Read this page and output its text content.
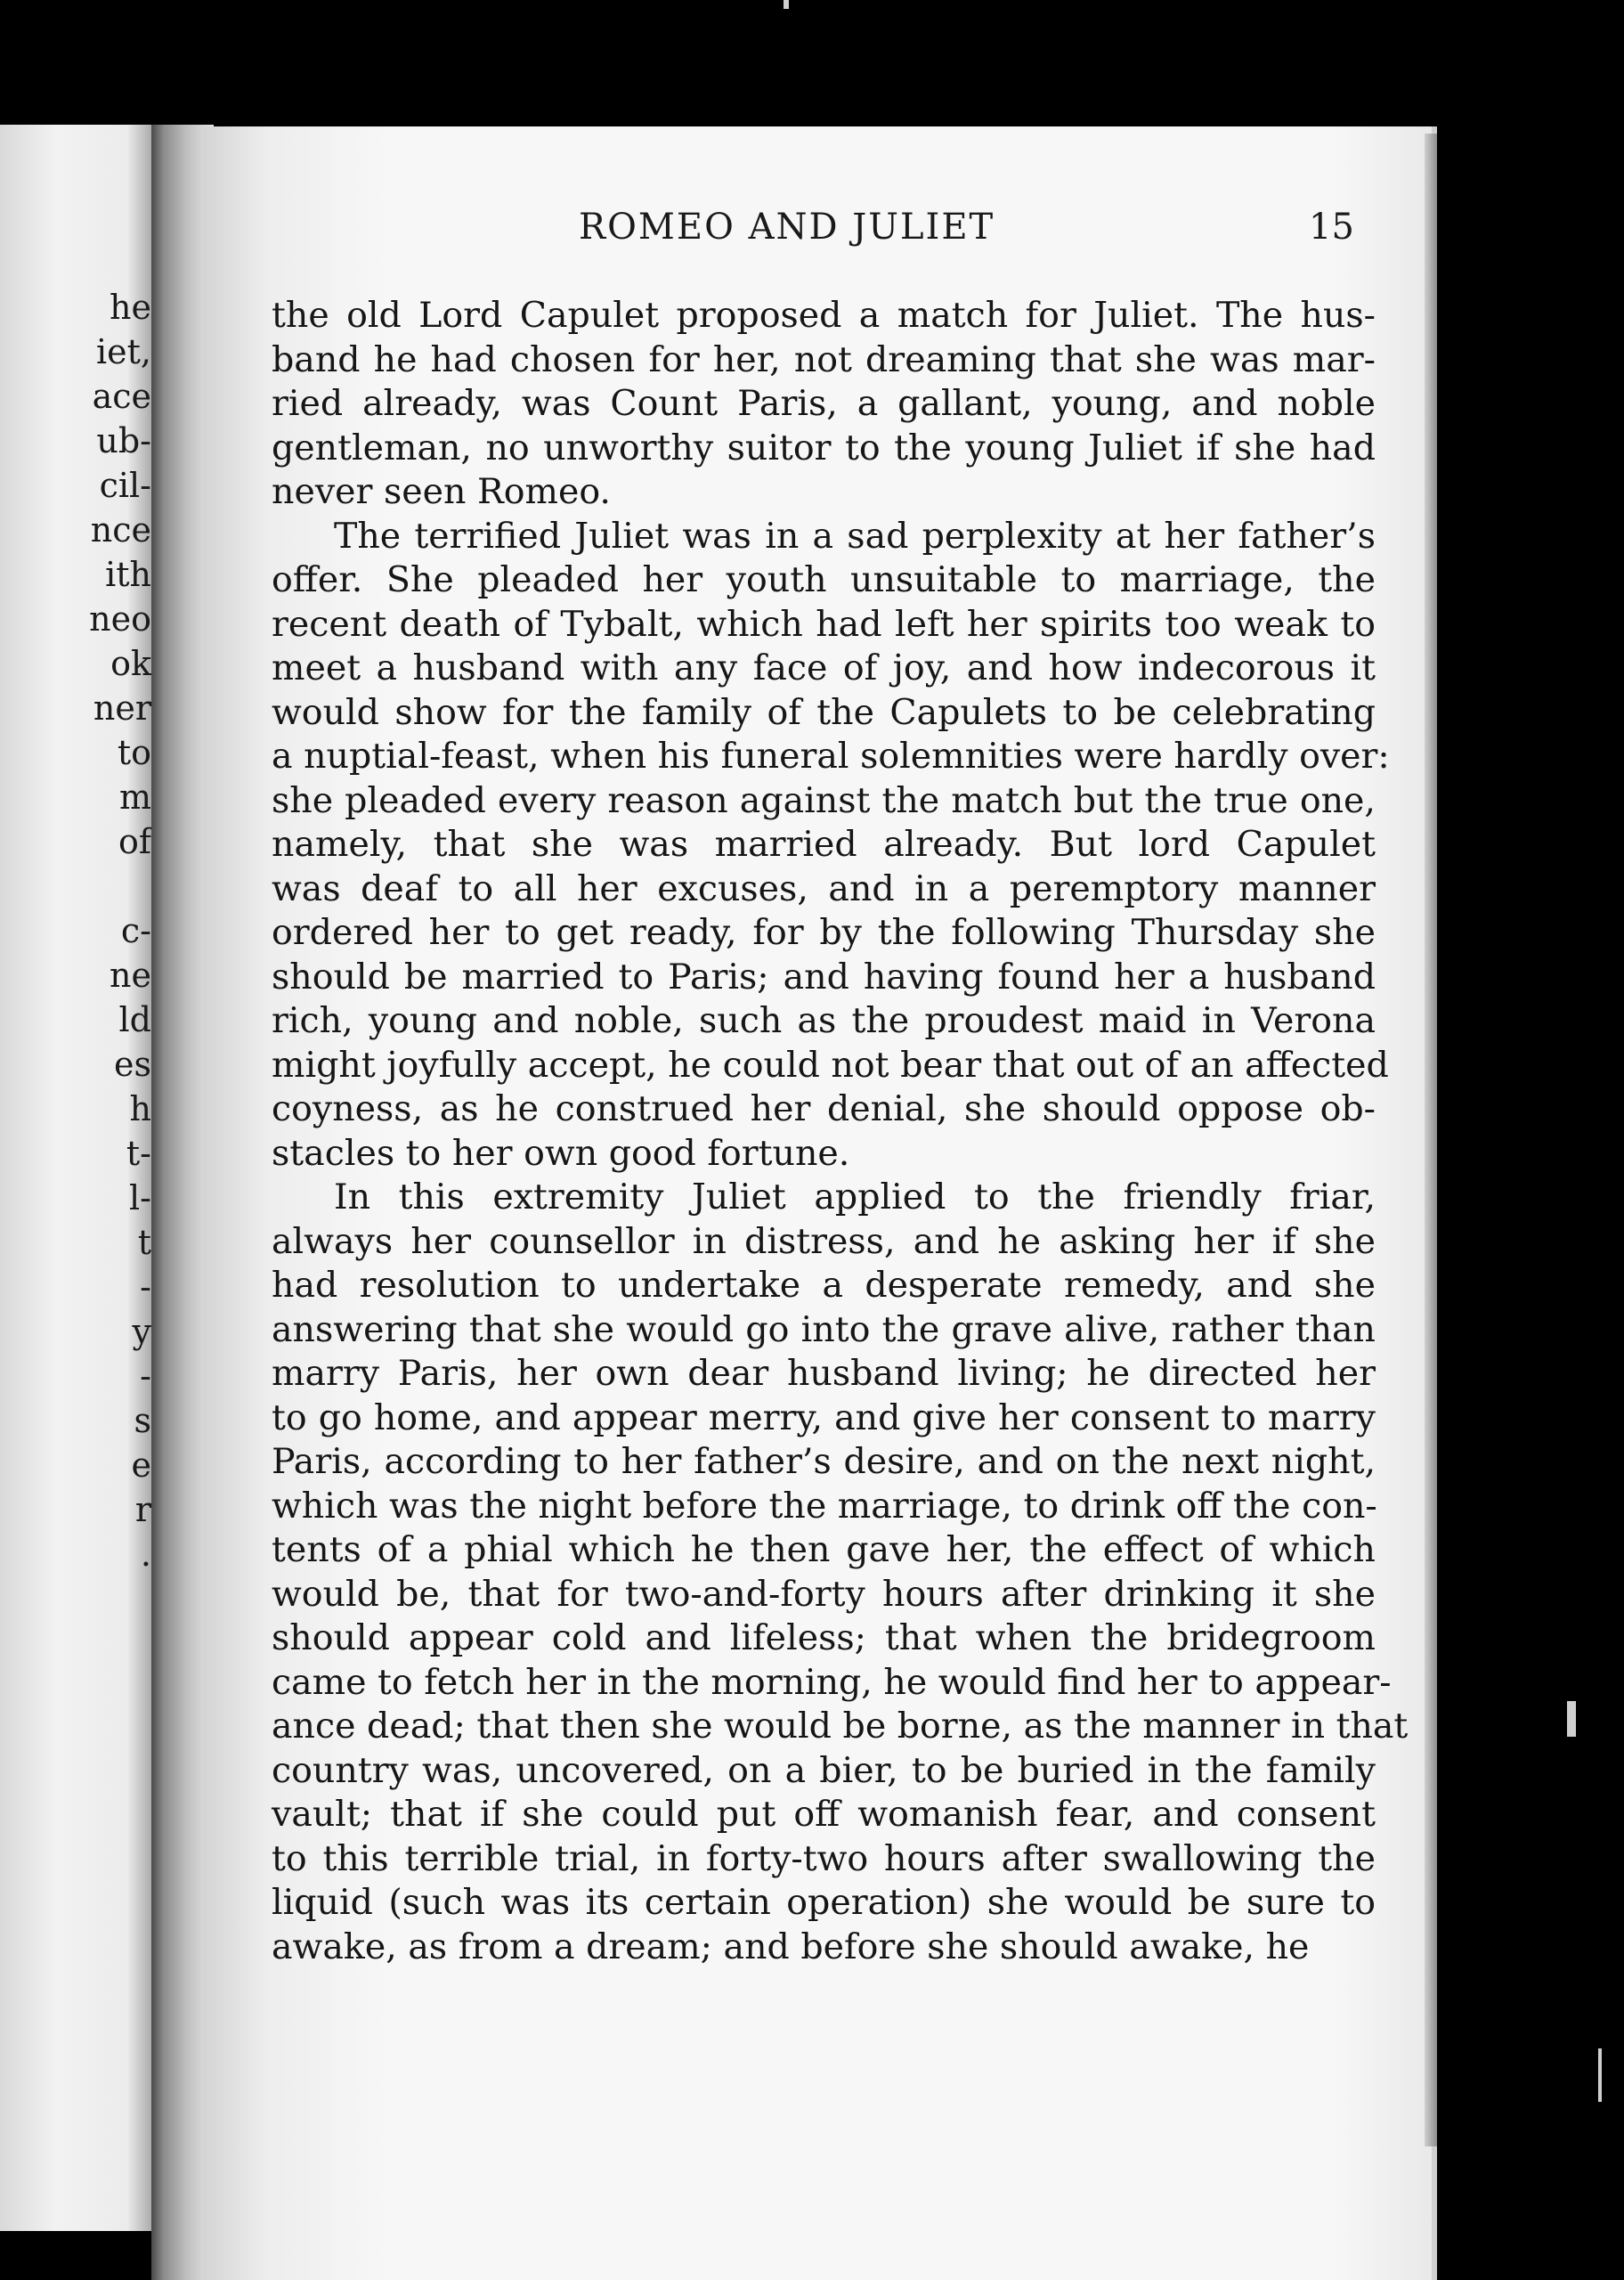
he
iet,
ace
ub-
cil-
nce
ith
neo
ok
ner
to
m
of
c-
ne
ld
es
h
t-
l-
t
-
y
-
s
e
r
.
ROMEO AND JULIET	15
the old Lord Capulet proposed a match for Juliet. The hus-
band he had chosen for her, not dreaming that she was mar-
ried already, was Count Paris, a gallant, young, and noble
gentleman, no unworthy suitor to the young Juliet if she had
never seen Romeo.
The terrified Juliet was in a sad perplexity at her father’s
offer. She pleaded her youth unsuitable to marriage, the
recent death of Tybalt, which had left her spirits too weak to
meet a husband with any face of joy, and how indecorous it
would show for the family of the Capulets to be celebrating
a nuptial-feast, when his funeral solemnities were hardly over:
she pleaded every reason against the match but the true one,
namely, that she was married already. But lord Capulet
was deaf to all her excuses, and in a peremptory manner
ordered her to get ready, for by the following Thursday she
should be married to Paris; and having found her a husband
rich, young and noble, such as the proudest maid in Verona
might joyfully accept, he could not bear that out of an affected
coyness, as he construed her denial, she should oppose ob-
stacles to her own good fortune.
In this extremity Juliet applied to the friendly friar,
always her counsellor in distress, and he asking her if she
had resolution to undertake a desperate remedy, and she
answering that she would go into the grave alive, rather than
marry Paris, her own dear husband living; he directed her
to go home, and appear merry, and give her consent to marry
Paris, according to her father’s desire, and on the next night,
which was the night before the marriage, to drink off the con-
tents of a phial which he then gave her, the effect of which
would be, that for two-and-forty hours after drinking it she
should appear cold and lifeless; that when the bridegroom
came to fetch her in the morning, he would find her to appear-
ance dead; that then she would be borne, as the manner in that
country was, uncovered, on a bier, to be buried in the family
vault; that if she could put off womanish fear, and consent
to this terrible trial, in forty-two hours after swallowing the
liquid (such was its certain operation) she would be sure to
awake, as from a dream; and before she should awake, he
